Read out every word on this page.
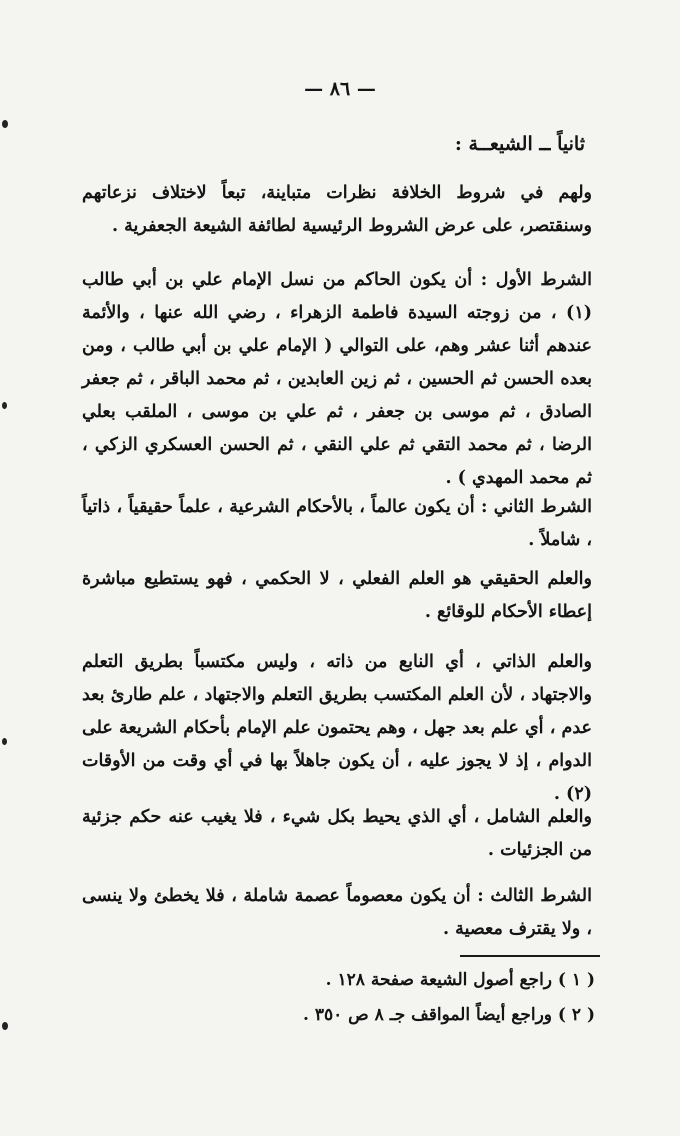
— ٨٦ —
ثانياً ــ الشيعــة :

ولهم في شروط الخلافة نظرات متباينة، تبعاً لاختلاف نزعاتهم وسنقتصر، على عرض الشروط الرئيسية لطائفة الشيعة الجعفرية .

الشرط الأول : أن يكون الحاكم من نسل الإمام علي بن أبي طالب (١) ، من زوجته السيدة فاطمة الزهراء ، رضي الله عنها ، والأئمة عندهم أثنا عشر وهم، على التوالي ( الإمام علي بن أبي طالب ، ومن بعده الحسن ثم الحسين ، ثم زين العابدين ، ثم محمد الباقر ، ثم جعفر الصادق ، ثم موسى بن جعفر ، ثم علي بن موسى ، الملقب بعلي الرضا ، ثم محمد التقي ثم علي النقي ، ثم الحسن العسكري الزكي ، ثم محمد المهدي ) .

الشرط الثاني : أن يكون عالماً ، بالأحكام الشرعية ، علماً حقيقياً ، ذاتياً ، شاملاً .

والعلم الحقيقي هو العلم الفعلي ، لا الحكمي ، فهو يستطيع مباشرة إعطاء الأحكام للوقائع .

والعلم الذاتي ، أي النابع من ذاته ، وليس مكتسباً بطريق التعلم والاجتهاد ، لأن العلم المكتسب بطريق التعلم والاجتهاد ، علم طارئ بعد عدم ، أي علم بعد جهل ، وهم يحتمون علم الإمام بأحكام الشريعة على الدوام ، إذ لا يجوز عليه ، أن يكون جاهلاً بها في أي وقت من الأوقات (٢) .

والعلم الشامل ، أي الذي يحيط بكل شيء ، فلا يغيب عنه حكم جزئية من الجزئيات .

الشرط الثالث : أن يكون معصوماً عصمة شاملة ، فلا يخطئ ولا ينسى ، ولا يقترف معصية .

( ١ ) راجع أصول الشيعة صفحة ١٢٨ .

( ٢ ) وراجع أيضاً المواقف جـ ٨ ص ٣٥٠ .
